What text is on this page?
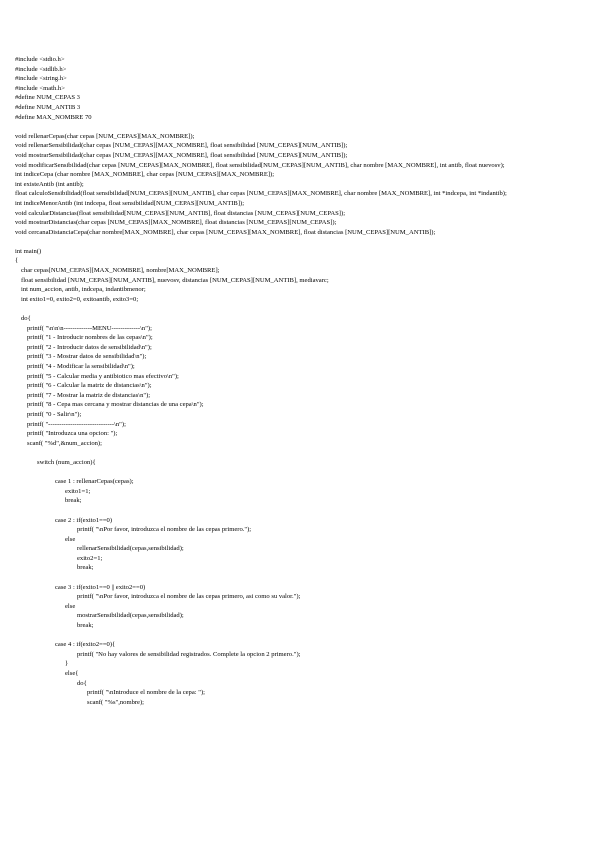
#include <stdio.h>
#include <stdlib.h>
#include <string.h>
#include <math.h>
#define NUM_CEPAS 3
#define NUM_ANTIB 3
#define MAX_NOMBRE 70
void rellenarCepas(char cepas [NUM_CEPAS][MAX_NOMBRE]);
void rellenarSensibilidad(char cepas [NUM_CEPAS][MAX_NOMBRE], float sensibilidad [NUM_CEPAS][NUM_ANTIB]);
void mostrarSensibilidad(char cepas [NUM_CEPAS][MAX_NOMBRE], float sensibilidad [NUM_CEPAS][NUM_ANTIB]);
void modificarSensibilidad(char cepas [NUM_CEPAS][MAX_NOMBRE], float sensibilidad[NUM_CEPAS][NUM_ANTIB], char nombre [MAX_NOMBRE], int antib, float nuevosv);
int indiceCepa (char nombre [MAX_NOMBRE], char cepas [NUM_CEPAS][MAX_NOMBRE]);
int existeAntib (int antib);
float calculoSensibilidad(float sensibilidad[NUM_CEPAS][NUM_ANTIB], char cepas [NUM_CEPAS][MAX_NOMBRE], char nombre [MAX_NOMBRE], int *indcepa, int *indantib);
int indiceMenorAntib (int indcepa, float sensibilidad[NUM_CEPAS][NUM_ANTIB]);
void calcularDistancias(float sensibilidad[NUM_CEPAS][NUM_ANTIB], float distancias [NUM_CEPAS][NUM_CEPAS]);
void mostrarDistancias(char cepas [NUM_CEPAS][MAX_NOMBRE], float distancias [NUM_CEPAS][NUM_CEPAS]);
void cercanaDistanciaCepa(char nombre[MAX_NOMBRE], char cepas [NUM_CEPAS][MAX_NOMBRE], float distancias [NUM_CEPAS][NUM_ANTIB]);
int main()
{
char cepas[NUM_CEPAS][MAX_NOMBRE], nombre[MAX_NOMBRE];
float sensibilidad [NUM_CEPAS][NUM_ANTIB], nuevosv, distancias [NUM_CEPAS][NUM_ANTIB], mediavarc;
int num_accion, antib, indcepa, indantibmenor;
int exito1=0, exito2=0, exitoantib, exito3=0;
do{
printf( "\n\n\n-------------MENU-------------\n");
printf( "1 - Introducir nombres de las cepas\n");
printf( "2 - Introducir datos de sensibilidad\n");
printf( "3 - Mostrar datos de sensibilidad\n");
printf( "4 - Modificar la sensibilidad\n");
printf( "5 - Calcular media y antibiotico mas efectivo\n");
printf( "6 - Calcular la matriz de distancias\n");
printf( "7 - Mostrar la matriz de distancias\n");
printf( "8 - Cepa mas cercana y mostrar distancias de una cepa\n");
printf( "0 - Salir\n");
printf( "------------------------------\n");
printf( "Introduzca una opcion: ");
scanf( "%d",&num_accion);
switch (num_accion){
case 1 : rellenarCepas(cepas);
exito1=1;
break;
case 2 : if(exito1==0)
printf( "\nPor favor, introduzca el nombre de las cepas primero.");
else
rellenarSensibilidad(cepas,sensibilidad);
exito2=1;
break;
case 3 : if(exito1==0 || exito2==0)
printf( "\nPor favor, introduzca el nombre de las cepas primero, asi como su valor.");
else
mostrarSensibilidad(cepas,sensibilidad);
break;
case 4 : if(exito2==0){
printf( "No hay valores de sensibilidad registrados. Complete la opcion 2 primero.");
}
else{
do{
printf( "\nIntroduce el nombre de la cepa: ");
scanf( "%s",nombre);
